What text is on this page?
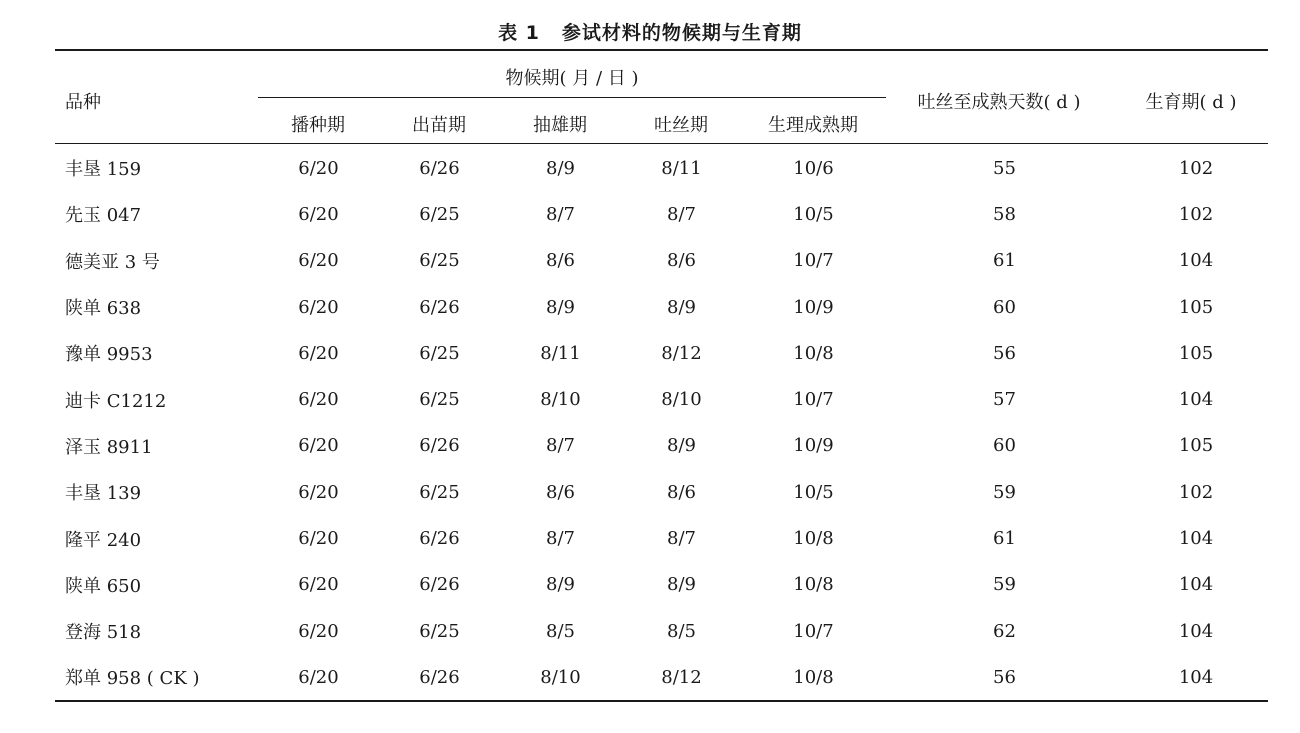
表 1 参试材料的物候期与生育期
品种
物候期( 月 / 日 )
播种期	出苗期	抽雄期	吐丝期	生理成熟期
吐丝至成熟天数( d )	生育期( d )
丰垦 159	6/20	6/26	8/9	8/11	10/6	55	102
先玉 047	6/20	6/25	8/7	8/7	10/5	58	102
德美亚 3 号	6/20	6/25	8/6	8/6	10/7	61	104
陕单 638	6/20	6/26	8/9	8/9	10/9	60	105
豫单 9953	6/20	6/25	8/11	8/12	10/8	56	105
迪卡 C1212	6/20	6/25	8/10	8/10	10/7	57	104
泽玉 8911	6/20	6/26	8/7	8/9	10/9	60	105
丰垦 139	6/20	6/25	8/6	8/6	10/5	59	102
隆平 240	6/20	6/26	8/7	8/7	10/8	61	104
陕单 650	6/20	6/26	8/9	8/9	10/8	59	104
登海 518	6/20	6/25	8/5	8/5	10/7	62	104
郑单 958 ( CK )	6/20	6/26	8/10	8/12	10/8	56	104
